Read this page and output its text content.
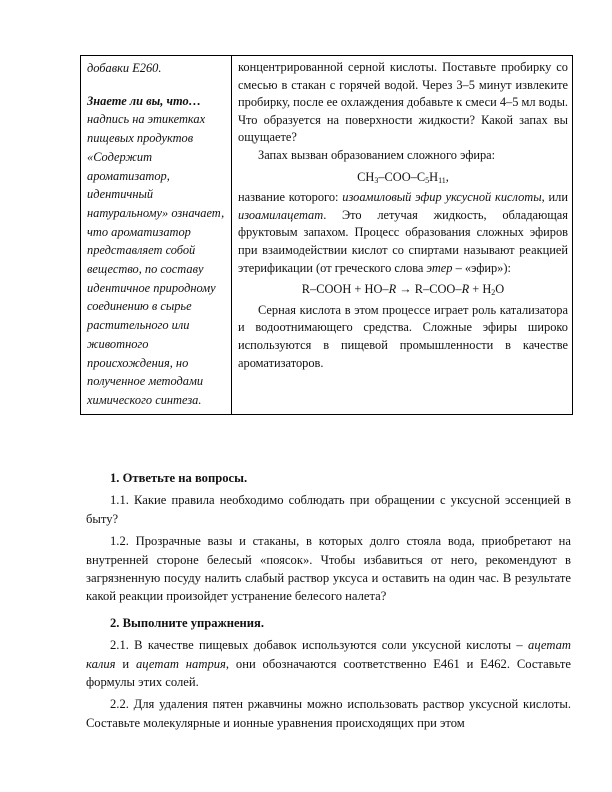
добавки Е260.

Знаете ли вы, что…

надпись на этикетках пищевых продуктов «Содержит ароматизатор, идентичный натуральному» означает, что ароматизатор представляет собой вещество, по составу идентичное природному соединению в сырье растительного или животного происхождения, но полученное методами химического синтеза.

концентрированной серной кислоты. Поставьте пробирку со смесью в стакан с горячей водой. Через 3–5 минут извлеките пробирку, после ее охлаждения добавьте к смеси 4–5 мл воды. Что образуется на поверхности жидкости? Какой запах вы ощущаете?

Запах вызван образованием сложного эфира:

$CH_3-COO-C_5H_{11}$,

название которого: изоамиловый эфир уксусной кислоты, или изоамилацетат. Это летучая жидкость, обладающая фруктовым запахом. Процесс образования сложных эфиров при взаимодействии кислот со спиртами называют реакцией этерификации (от греческого слова этер – «эфир»):

R–COOH + $HO-R \to R-COO-R + H_2O$

Серная кислота в этом процессе играет роль катализатора и водоотнимающего средства. Сложные эфиры широко используются в пищевой промышленности в качестве ароматизаторов.

1. Ответьте на вопросы.

1.1. Какие правила необходимо соблюдать при обращении с уксусной эссенцией в быту?

1.2. Прозрачные вазы и стаканы, в которых долго стояла вода, приобретают на внутренней стороне белесый «поясок». Чтобы избавиться от него, рекомендуют в загрязненную посуду налить слабый раствор уксуса и оставить на один час. В результате какой реакции произойдет устранение белесого налета?

2. Выполните упражнения.

2.1. В качестве пищевых добавок используются соли уксусной кислоты – ацетат калия и ацетат натрия, они обозначаются соответственно Е461 и Е462. Составьте формулы этих солей.

2.2. Для удаления пятен ржавчины можно использовать раствор уксусной кислоты. Составьте молекулярные и ионные уравнения происходящих при этом
